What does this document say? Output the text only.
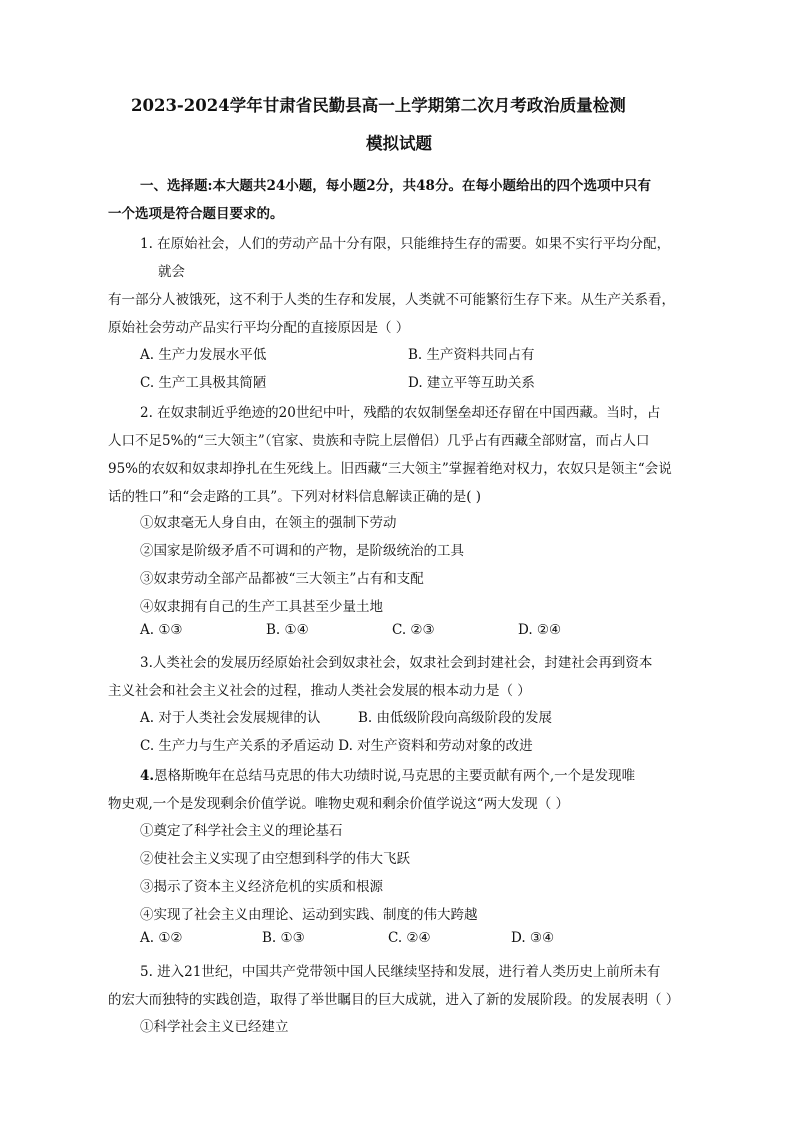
2023-2024学年甘肃省民勤县高一上学期第二次月考政治质量检测
模拟试题
一、选择题:本大题共24小题，每小题2分，共48分。在每小题给出的四个选项中只有
一个选项是符合题目要求的。
1. 在原始社会，人们的劳动产品十分有限，只能维持生存的需要。如果不实行平均分配，
就会
有一部分人被饿死，这不利于人类的生存和发展，人类就不可能繁衍生存下来。从生产关系看，
原始社会劳动产品实行平均分配的直接原因是（ ）
A. 生产力发展水平低	B. 生产资料共同占有
C. 生产工具极其简陋	D. 建立平等互助关系
2. 在奴隶制近乎绝迹的20世纪中叶，残酷的农奴制堡垒却还存留在中国西藏。当时，占
人口不足5%的“三大领主”（官家、贵族和寺院上层僧侣）几乎占有西藏全部财富，而占人口
95%的农奴和奴隶却挣扎在生死线上。旧西藏“三大领主”掌握着绝对权力，农奴只是领主“会说
话的牲口”和“会走路的工具”。下列对材料信息解读正确的是( )
①奴隶毫无人身自由，在领主的强制下劳动
②国家是阶级矛盾不可调和的产物，是阶级统治的工具
③奴隶劳动全部产品都被“三大领主”占有和支配
④奴隶拥有自己的生产工具甚至少量土地
A. ①③	B. ①④	C. ②③	D. ②④
3.人类社会的发展历经原始社会到奴隶社会，奴隶社会到封建社会，封建社会再到资本
主义社会和社会主义社会的过程，推动人类社会发展的根本动力是（ ）
A. 对于人类社会发展规律的认	B. 由低级阶段向高级阶段的发展
C. 生产力与生产关系的矛盾运动 D. 对生产资料和劳动对象的改进
4.恩格斯晚年在总结马克思的伟大功绩时说,马克思的主要贡献有两个,一个是发现唯
物史观,一个是发现剩余价值学说。唯物史观和剩余价值学说这“两大发现（ ）
①奠定了科学社会主义的理论基石
②使社会主义实现了由空想到科学的伟大飞跃
③揭示了资本主义经济危机的实质和根源
④实现了社会主义由理论、运动到实践、制度的伟大跨越
A. ①②	B. ①③	C. ②④	D. ③④
5. 进入21世纪，中国共产党带领中国人民继续坚持和发展，进行着人类历史上前所未有
的宏大而独特的实践创造，取得了举世瞩目的巨大成就，进入了新的发展阶段。的发展表明（ ）
①科学社会主义已经建立
